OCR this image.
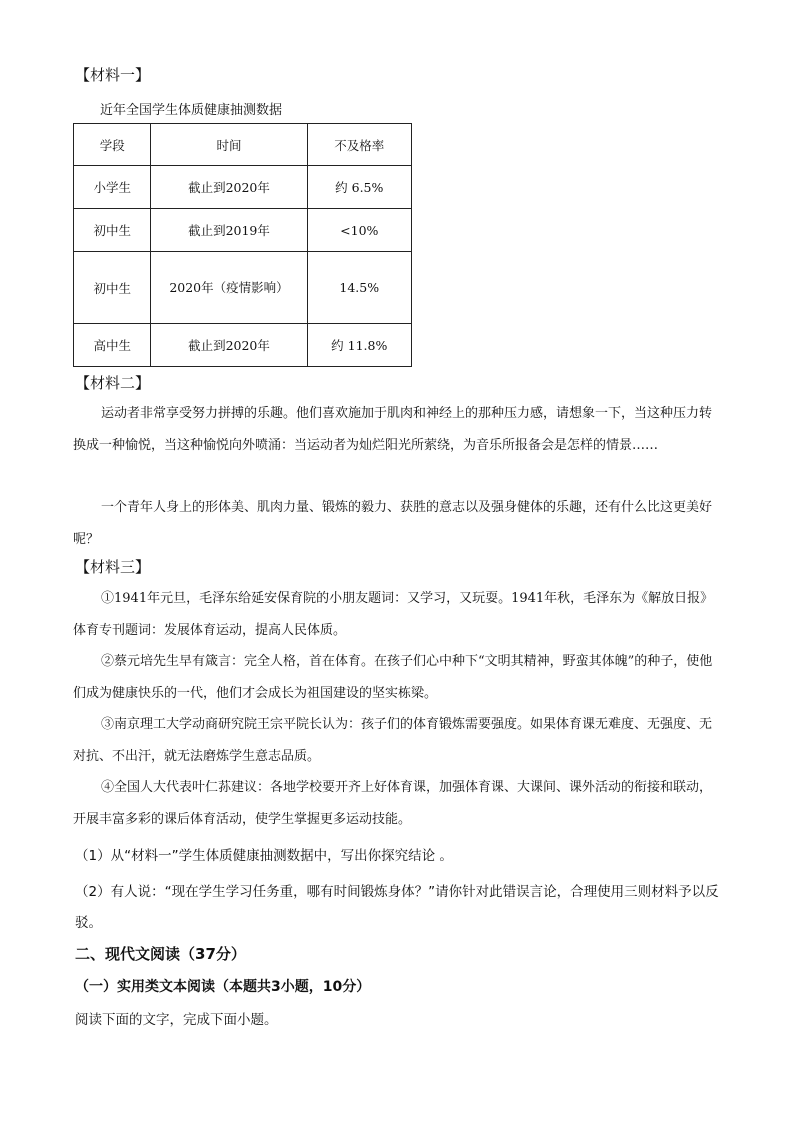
【材料一】
近年全国学生体质健康抽测数据
学段	时间	不及格率
小学生	截止到2020年	约 6.5%
初中生	截止到2019年	<10%
初中生	2020年（疫情影响）	14.5%
高中生	截止到2020年	约 11.8%
【材料二】
运动者非常享受努力拼搏的乐趣。他们喜欢施加于肌肉和神经上的那种压力感，请想象一下，当这种压力转换成一种愉悦，当这种愉悦向外喷涌：当运动者为灿烂阳光所萦绕，为音乐所报备会是怎样的情景……
一个青年人身上的形体美、肌肉力量、锻炼的毅力、获胜的意志以及强身健体的乐趣，还有什么比这更美好呢？
【材料三】
①1941年元旦，毛泽东给延安保育院的小朋友题词：又学习，又玩耍。1941年秋，毛泽东为《解放日报》体育专刊题词：发展体育运动，提高人民体质。
②蔡元培先生早有箴言：完全人格，首在体育。在孩子们心中种下“文明其精神，野蛮其体魄”的种子，使他们成为健康快乐的一代，他们才会成长为祖国建设的坚实栋梁。
③南京理工大学动商研究院王宗平院长认为：孩子们的体育锻炼需要强度。如果体育课无难度、无强度、无对抗、不出汗，就无法磨炼学生意志品质。
④全国人大代表叶仁荪建议：各地学校要开齐上好体育课，加强体育课、大课间、课外活动的衔接和联动，开展丰富多彩的课后体育活动，使学生掌握更多运动技能。
（1）从“材料一”学生体质健康抽测数据中，写出你探究结论 。
（2）有人说：“现在学生学习任务重，哪有时间锻炼身体？”请你针对此错误言论，合理使用三则材料予以反驳。
二、现代文阅读（37分）
（一）实用类文本阅读（本题共3小题，10分）
阅读下面的文字，完成下面小题。
